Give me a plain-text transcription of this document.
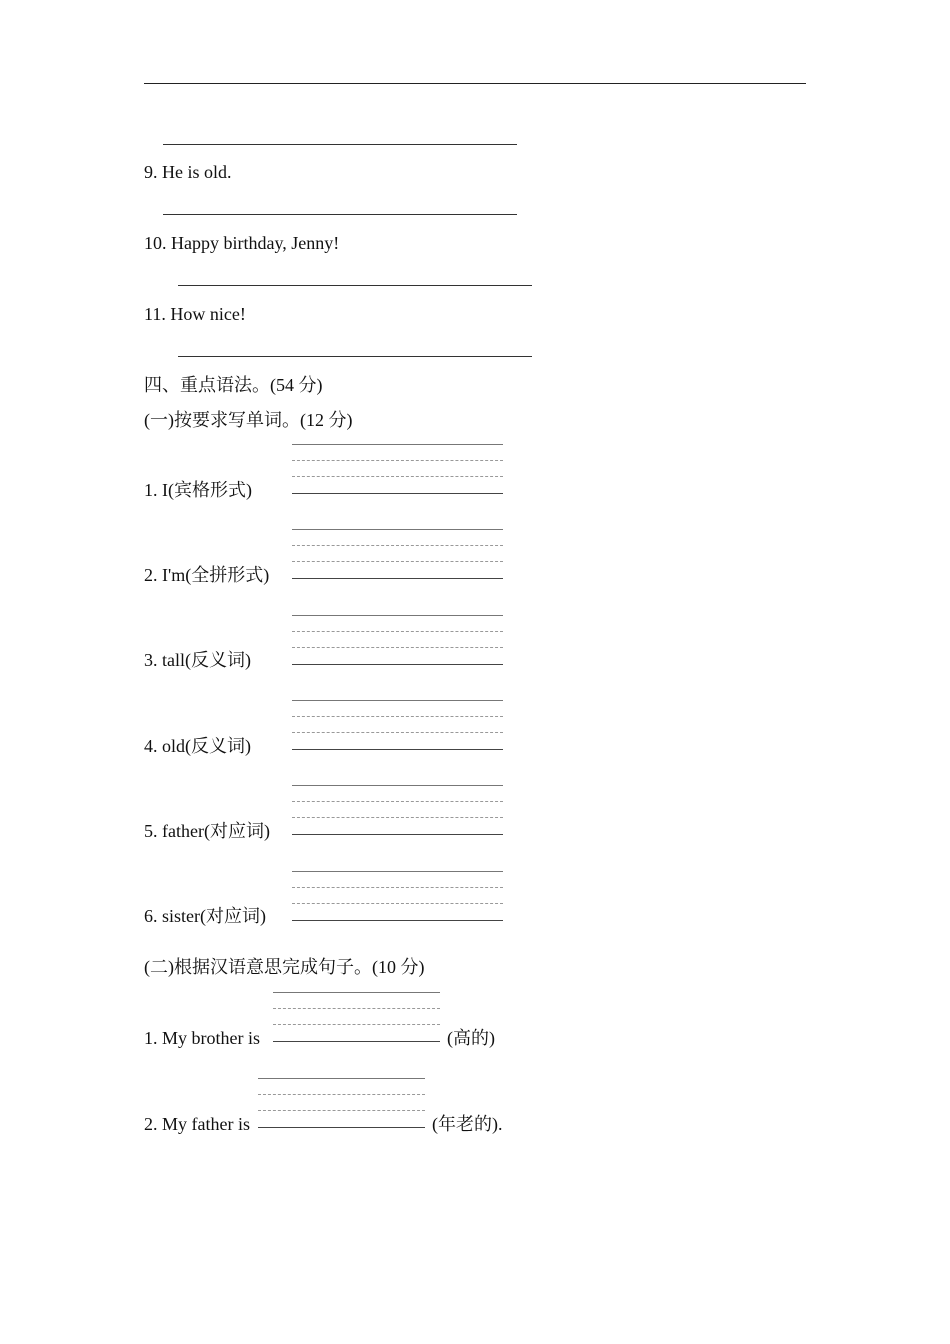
9. He is old.
10. Happy birthday, Jenny!
11. How nice!
四、重点语法。(54 分)
(一)按要求写单词。(12 分)
1. I(宾格形式)
2. I'm(全拼形式)
3. tall(反义词)
4. old(反义词)
5. father(对应词)
6. sister(对应词)
(二)根据汉语意思完成句子。(10 分)
1. My brother is	(高的)
2. My father is	(年老的).
